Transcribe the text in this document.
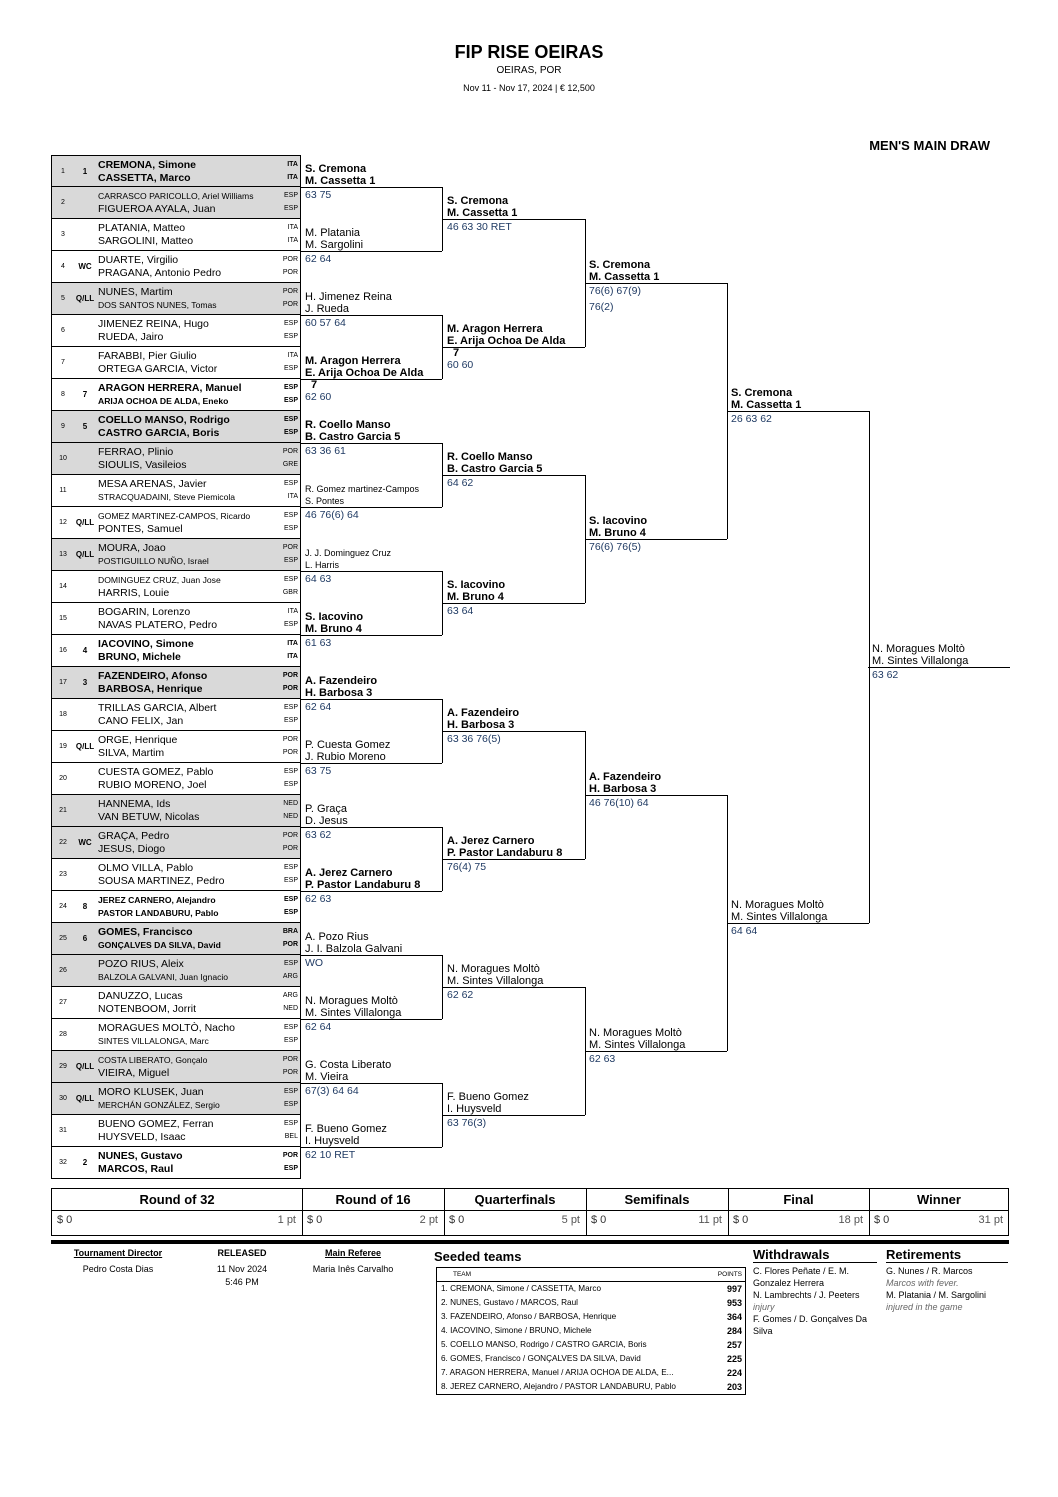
FIP RISE OEIRAS
OEIRAS, POR
Nov 11 - Nov 17, 2024 | € 12,500
MEN'S MAIN DRAW
1	1
CREMONA, Simone	ITA
CASSETTA, Marco	ITA
2
CARRASCO PARICOLLO, Ariel Williams	ESP
FIGUEROA AYALA, Juan	ESP
3
PLATANIA, Matteo	ITA
SARGOLINI, Matteo	ITA
4	WC
DUARTE, Virgilio	POR
PRAGANA, Antonio Pedro	POR
5	Q/LL
NUNES, Martim	POR
DOS SANTOS NUNES, Tomas	POR
6
JIMENEZ REINA, Hugo	ESP
RUEDA, Jairo	ESP
7
FARABBI, Pier Giulio	ITA
ORTEGA GARCIA, Victor	ESP
8	7
ARAGON HERRERA, Manuel	ESP
ARIJA OCHOA DE ALDA, Eneko	ESP
9	5
COELLO MANSO, Rodrigo	ESP
CASTRO GARCIA, Boris	ESP
10
FERRAO, Plinio	POR
SIOULIS, Vasileios	GRE
11
MESA ARENAS, Javier	ESP
STRACQUADAINI, Steve Piemicola	ITA
12	Q/LL
GOMEZ MARTINEZ-CAMPOS, Ricardo	ESP
PONTES, Samuel	ESP
13	Q/LL
MOURA, Joao	POR
POSTIGUILLO NUÑO, Israel	ESP
14
DOMINGUEZ CRUZ, Juan Jose	ESP
HARRIS, Louie	GBR
15
BOGARIN, Lorenzo	ITA
NAVAS PLATERO, Pedro	ESP
16	4
IACOVINO, Simone	ITA
BRUNO, Michele	ITA
17	3
FAZENDEIRO, Afonso	POR
BARBOSA, Henrique	POR
18
TRILLAS GARCIA, Albert	ESP
CANO FELIX, Jan	ESP
19	Q/LL
ORGE, Henrique	POR
SILVA, Martim	POR
20
CUESTA GOMEZ, Pablo	ESP
RUBIO MORENO, Joel	ESP
21
HANNEMA, Ids	NED
VAN BETUW, Nicolas	NED
22	WC
GRAÇA, Pedro	POR
JESUS, Diogo	POR
23
OLMO VILLA, Pablo	ESP
SOUSA MARTINEZ, Pedro	ESP
24	8
JEREZ CARNERO, Alejandro	ESP
PASTOR LANDABURU, Pablo	ESP
25	6
GOMES, Francisco	BRA
GONÇALVES DA SILVA, David	POR
26
POZO RIUS, Aleix	ESP
BALZOLA GALVANI, Juan Ignacio	ARG
27
DANUZZO, Lucas	ARG
NOTENBOOM, Jorrit	NED
28
MORAGUES MOLTÒ, Nacho	ESP
SINTES VILLALONGA, Marc	ESP
29	Q/LL
COSTA LIBERATO, Gonçalo	POR
VIEIRA, Miguel	POR
30	Q/LL
MORO KLUSEK, Juan	ESP
MERCHÁN GONZÁLEZ, Sergio	ESP
31
BUENO GOMEZ, Ferran	ESP
HUYSVELD, Isaac	BEL
32	2
NUNES, Gustavo	POR
MARCOS, Raul	ESP
S. Cremona
M. Cassetta 1
63 75
M. Platania
M. Sargolini
62 64
H. Jimenez Reina
J. Rueda
60 57 64
M. Aragon Herrera
E. Arija Ochoa De Alda
7
62 60
R. Coello Manso
B. Castro Garcia 5
63 36 61
R. Gomez martinez-Campos
S. Pontes
46 76(6) 64
J. J. Dominguez Cruz
L. Harris
64 63
S. Iacovino
M. Bruno 4
61 63
A. Fazendeiro
H. Barbosa 3
62 64
P. Cuesta Gomez
J. Rubio Moreno
63 75
P. Graça
D. Jesus
63 62
A. Jerez Carnero
P. Pastor Landaburu 8
62 63
A. Pozo Rius
J. I. Balzola Galvani
WO
N. Moragues Moltò
M. Sintes Villalonga
62 64
G. Costa Liberato
M. Vieira
67(3) 64 64
F. Bueno Gomez
I. Huysveld
62 10 RET
S. Cremona
M. Cassetta 1
46 63 30 RET
M. Aragon Herrera
E. Arija Ochoa De Alda
7
60 60
R. Coello Manso
B. Castro Garcia 5
64 62
S. Iacovino
M. Bruno 4
63 64
A. Fazendeiro
H. Barbosa 3
63 36 76(5)
A. Jerez Carnero
P. Pastor Landaburu 8
76(4) 75
N. Moragues Moltò
M. Sintes Villalonga
62 62
F. Bueno Gomez
I. Huysveld
63 76(3)
S. Cremona
M. Cassetta 1
76(6) 67(9)
76(2)
S. Iacovino
M. Bruno 4
76(6) 76(5)
A. Fazendeiro
H. Barbosa 3
46 76(10) 64
N. Moragues Moltò
M. Sintes Villalonga
62 63
S. Cremona
M. Cassetta 1
26 63 62
N. Moragues Moltò
M. Sintes Villalonga
64 64
N. Moragues Moltò
M. Sintes Villalonga
63 62
Round of 32
$ 0	1 pt
Round of 16
$ 0	2 pt
Quarterfinals
$ 0	5 pt
Semifinals
$ 0	11 pt
Final
$ 0	18 pt
Winner
$ 0	31 pt
Tournament Director
Pedro Costa Dias
RELEASED
11 Nov 2024
5:46 PM
Main Referee
Maria Inês Carvalho
Seeded teams
TEAM	POINTS
1. CREMONA, Simone / CASSETTA, Marco	997
2. NUNES, Gustavo / MARCOS, Raul	953
3. FAZENDEIRO, Afonso / BARBOSA, Henrique	364
4. IACOVINO, Simone / BRUNO, Michele	284
5. COELLO MANSO, Rodrigo / CASTRO GARCIA, Boris	257
6. GOMES, Francisco / GONÇALVES DA SILVA, David	225
7. ARAGON HERRERA, Manuel / ARIJA OCHOA DE ALDA, E...	224
8. JEREZ CARNERO, Alejandro / PASTOR LANDABURU, Pablo	203
Withdrawals
C. Flores Peñate / E. M. Gonzalez Herrera
N. Lambrechts / J. Peeters
injury
F. Gomes / D. Gonçalves Da Silva
Retirements
G. Nunes / R. Marcos
Marcos with fever.
M. Platania / M. Sargolini
injured in the game
